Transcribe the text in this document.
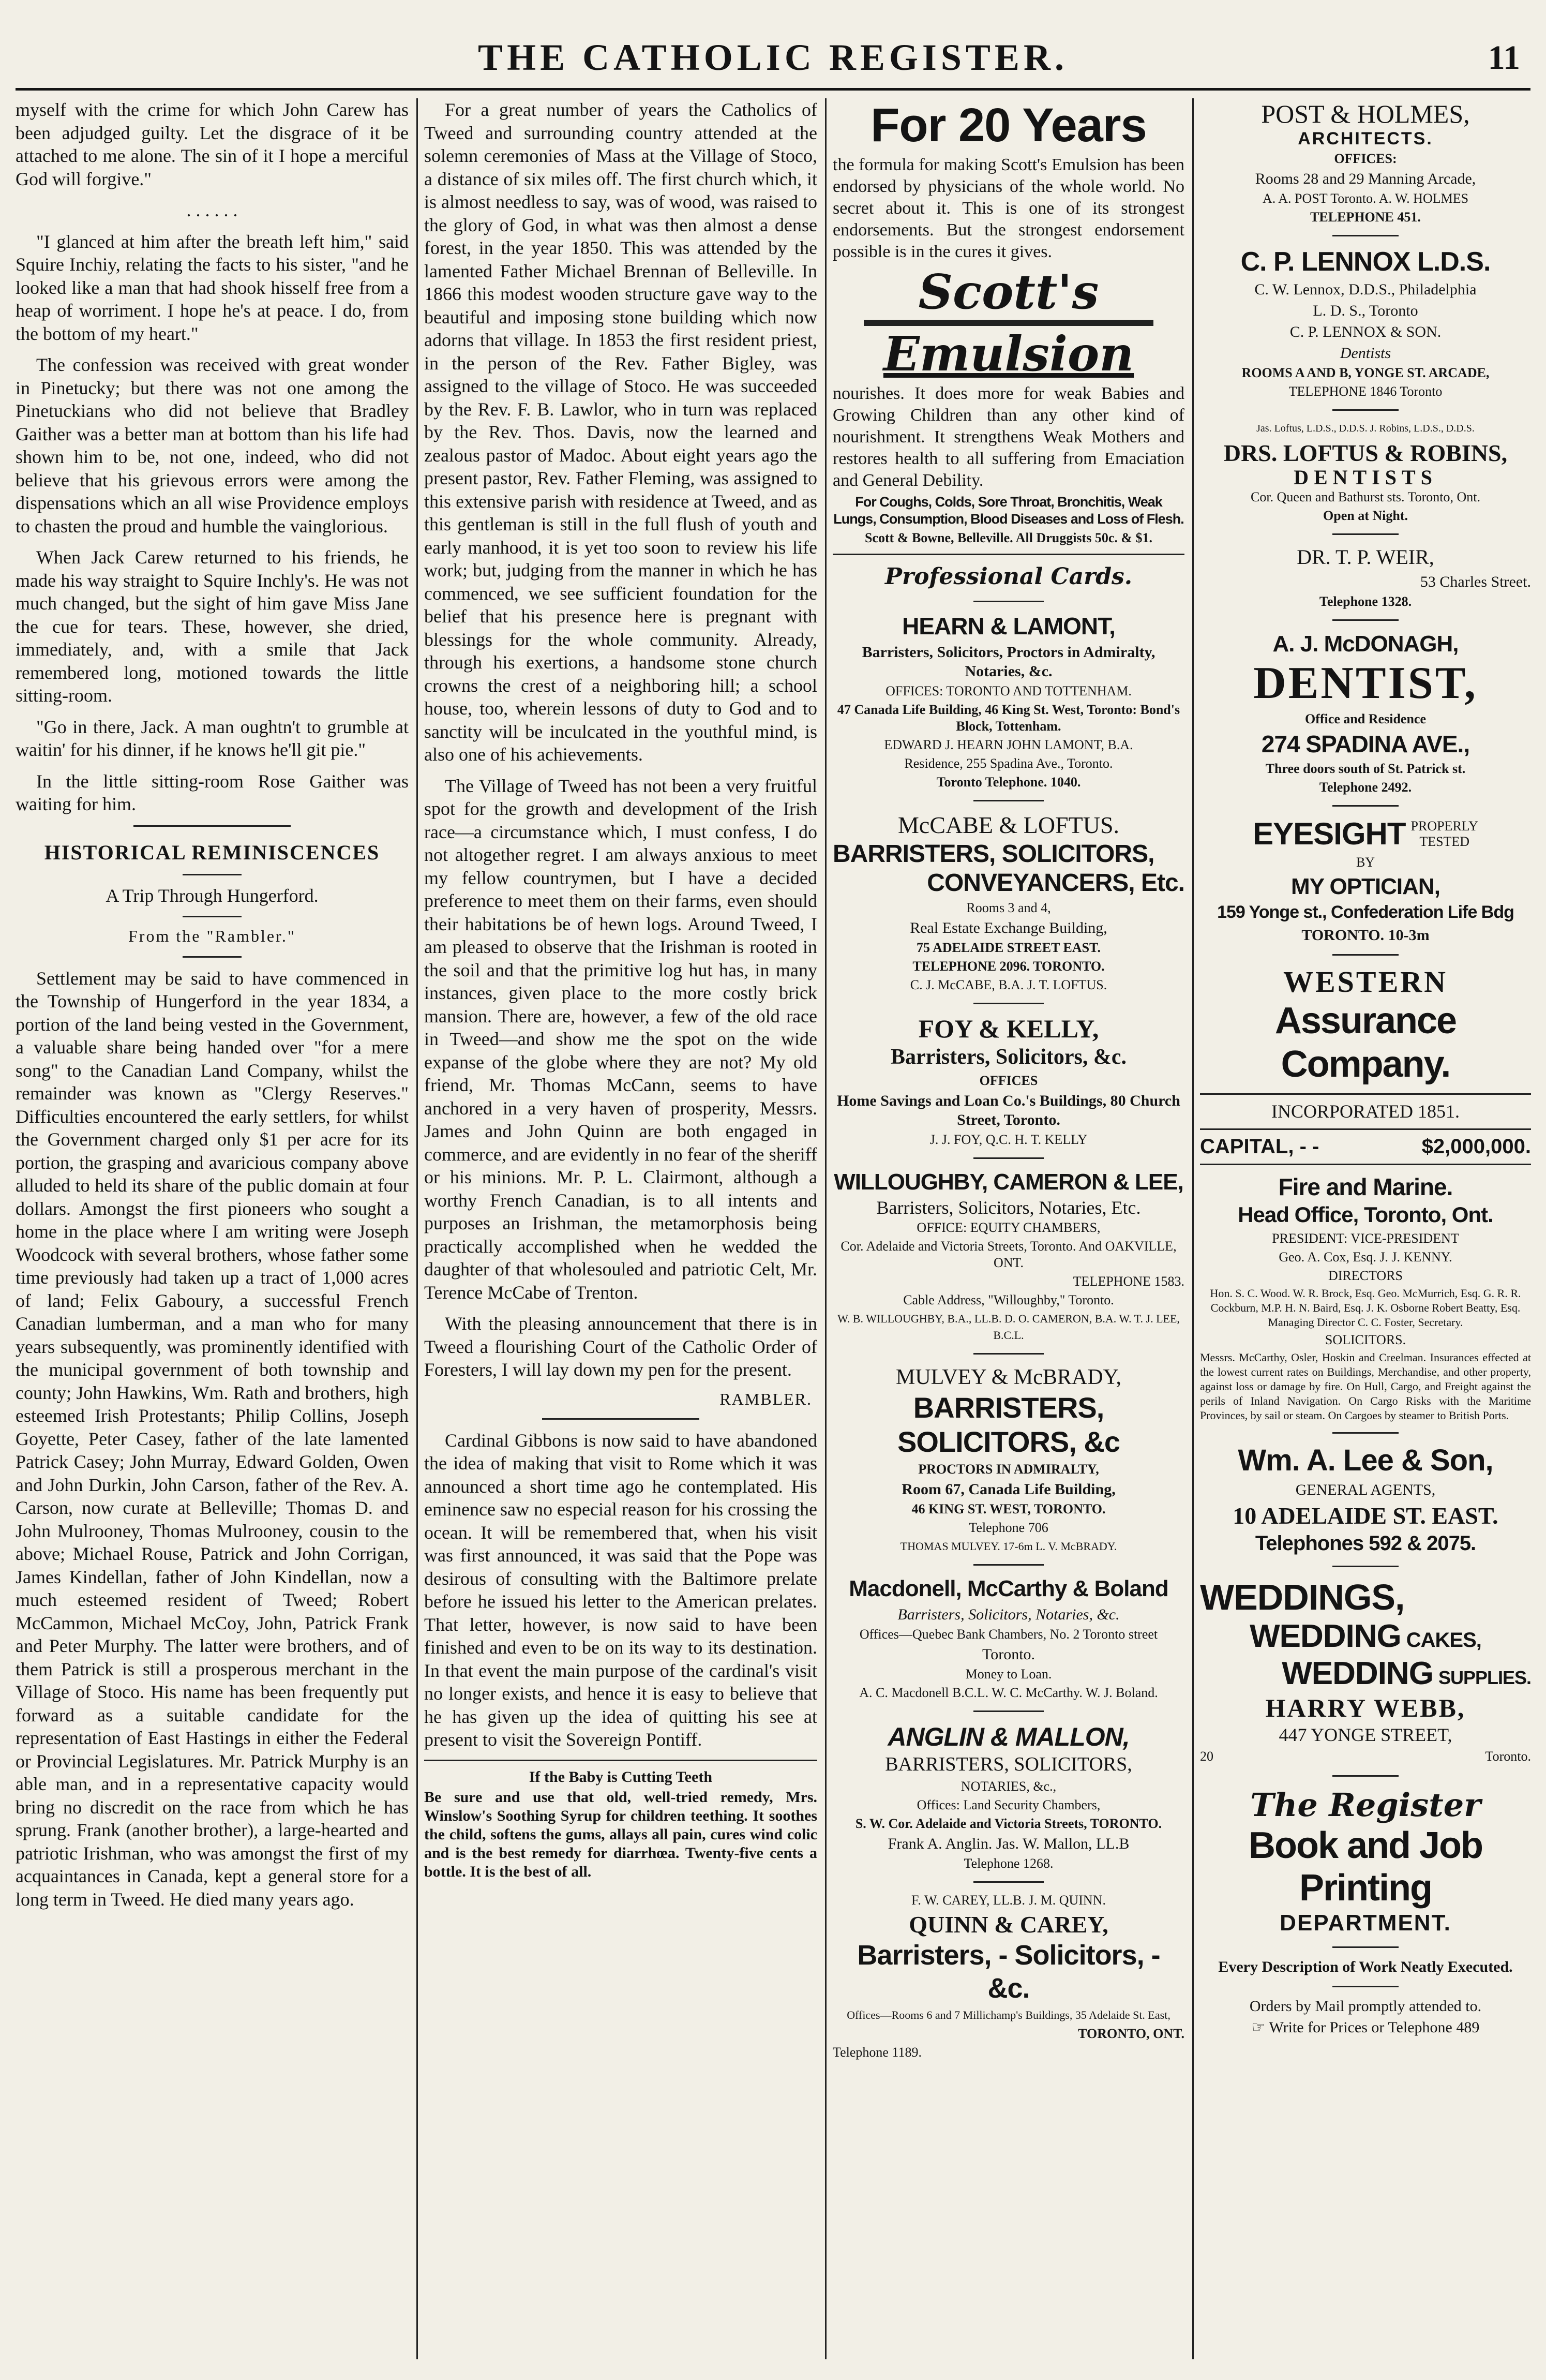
THE CATHOLIC REGISTER.	11

myself with the crime for which John Carew has been adjudged guilty. Let the disgrace of it be attached to me alone. The sin of it I hope a merciful God will forgive."

. . . . . .

"I glanced at him after the breath left him," said Squire Inchiy, relating the facts to his sister, "and he looked like a man that had shook hisself free from a heap of worriment. I hope he's at peace. I do, from the bottom of my heart."

The confession was received with great wonder in Pinetucky; but there was not one among the Pinetuckians who did not believe that Bradley Gaither was a better man at bottom than his life had shown him to be, not one, indeed, who did not believe that his grievous errors were among the dispensations which an all wise Providence employs to chasten the proud and humble the vainglorious.

When Jack Carew returned to his friends, he made his way straight to Squire Inchly's. He was not much changed, but the sight of him gave Miss Jane the cue for tears. These, however, she dried, immediately, and, with a smile that Jack remembered long, motioned towards the little sitting-room.

"Go in there, Jack. A man oughtn't to grumble at waitin' for his dinner, if he knows he'll git pie."

In the little sitting-room Rose Gaither was waiting for him.

HISTORICAL REMINISCENCES
A Trip Through Hungerford.
From the "Rambler."

Settlement may be said to have commenced in the Township of Hungerford in the year 1834, a portion of the land being vested in the Government, a valuable share being handed over "for a mere song" to the Canadian Land Company, whilst the remainder was known as "Clergy Reserves." Difficulties encountered the early settlers, for whilst the Government charged only $1 per acre for its portion, the grasping and avaricious company above alluded to held its share of the public domain at four dollars. Amongst the first pioneers who sought a home in the place where I am writing were Joseph Woodcock with several brothers, whose father some time previously had taken up a tract of 1,000 acres of land; Felix Gaboury, a successful French Canadian lumberman, and a man who for many years subsequently, was prominently identified with the municipal government of both township and county; John Hawkins, Wm. Rath and brothers, high esteemed Irish Protestants; Philip Collins, Joseph Goyette, Peter Casey, father of the late lamented Patrick Casey; John Murray, Edward Golden, Owen and John Durkin, John Carson, father of the Rev. A. Carson, now curate at Belleville; Thomas D. and John Mulrooney, Thomas Mulrooney, cousin to the above; Michael Rouse, Patrick and John Corrigan, James Kindellan, father of John Kindellan, now a much esteemed resident of Tweed; Robert McCammon, Michael McCoy, John, Patrick Frank and Peter Murphy. The latter were brothers, and of them Patrick is still a prosperous merchant in the Village of Stoco. His name has been frequently put forward as a suitable candidate for the representation of East Hastings in either the Federal or Provincial Legislatures. Mr. Patrick Murphy is an able man, and in a representative capacity would bring no discredit on the race from which he has sprung. Frank (another brother), a large-hearted and patriotic Irishman, who was amongst the first of my acquaintances in Canada, kept a general store for a long term in Tweed. He died many years ago.

For a great number of years the Catholics of Tweed and surrounding country attended at the solemn ceremonies of Mass at the Village of Stoco, a distance of six miles off. The first church which, it is almost needless to say, was of wood, was raised to the glory of God, in what was then almost a dense forest, in the year 1850. This was attended by the lamented Father Michael Brennan of Belleville. In 1866 this modest wooden structure gave way to the beautiful and imposing stone building which now adorns that village. In 1853 the first resident priest, in the person of the Rev. Father Bigley, was assigned to the village of Stoco. He was succeeded by the Rev. F. B. Lawlor, who in turn was replaced by the Rev. Thos. Davis, now the learned and zealous pastor of Madoc. About eight years ago the present pastor, Rev. Father Fleming, was assigned to this extensive parish with residence at Tweed, and as this gentleman is still in the full flush of youth and early manhood, it is yet too soon to review his life work; but, judging from the manner in which he has commenced, we see sufficient foundation for the belief that his presence here is pregnant with blessings for the whole community. Already, through his exertions, a handsome stone church crowns the crest of a neighboring hill; a school house, too, wherein lessons of duty to God and to sanctity will be inculcated in the youthful mind, is also one of his achievements.

The Village of Tweed has not been a very fruitful spot for the growth and development of the Irish race—a circumstance which, I must confess, I do not altogether regret. I am always anxious to meet my fellow countrymen, but I have a decided preference to meet them on their farms, even should their habitations be of hewn logs. Around Tweed, I am pleased to observe that the Irishman is rooted in the soil and that the primitive log hut has, in many instances, given place to the more costly brick mansion. There are, however, a few of the old race in Tweed—and show me the spot on the wide expanse of the globe where they are not? My old friend, Mr. Thomas McCann, seems to have anchored in a very haven of prosperity, Messrs. James and John Quinn are both engaged in commerce, and are evidently in no fear of the sheriff or his minions. Mr. P. L. Clairmont, although a worthy French Canadian, is to all intents and purposes an Irishman, the metamorphosis being practically accomplished when he wedded the daughter of that wholesouled and patriotic Celt, Mr. Terence McCabe of Trenton.

With the pleasing announcement that there is in Tweed a flourishing Court of the Catholic Order of Foresters, I will lay down my pen for the present.

RAMBLER.

Cardinal Gibbons is now said to have abandoned the idea of making that visit to Rome which it was announced a short time ago he contemplated. His eminence saw no especial reason for his crossing the ocean. It will be remembered that, when his visit was first announced, it was said that the Pope was desirous of consulting with the Baltimore prelate before he issued his letter to the American prelates. That letter, however, is now said to have been finished and even to be on its way to its destination. In that event the main purpose of the cardinal's visit no longer exists, and hence it is easy to believe that he has given up the idea of quitting his see at present to visit the Sovereign Pontiff.

If the Baby is Cutting Teeth

Be sure and use that old, well-tried remedy, Mrs. Winslow's Soothing Syrup for children teething. It soothes the child, softens the gums, allays all pain, cures wind colic and is the best remedy for diarrhœa. Twenty-five cents a bottle. It is the best of all.

For 20 Years

the formula for making Scott's Emulsion has been endorsed by physicians of the whole world. No secret about it. This is one of its strongest endorsements. But the strongest endorsement possible is in the cures it gives.

Scott's
Emulsion

nourishes. It does more for weak Babies and Growing Children than any other kind of nourishment. It strengthens Weak Mothers and restores health to all suffering from Emaciation and General Debility.

For Coughs, Colds, Sore Throat, Bronchitis, Weak Lungs, Consumption, Blood Diseases and Loss of Flesh.

Scott & Bowne, Belleville. All Druggists 50c. & $1.

Professional Cards.
HEARN & LAMONT,

Barristers, Solicitors, Proctors in Admiralty, Notaries, &c.

OFFICES: TORONTO AND TOTTENHAM.

47 Canada Life Building, 46 King St. West, Toronto: Bond's Block, Tottenham.

EDWARD J. HEARN JOHN LAMONT, B.A.

Residence, 255 Spadina Ave., Toronto.

Toronto Telephone. 1040.

McCABE & LOFTUS.
BARRISTERS, SOLICITORS,
CONVEYANCERS, Etc.

Rooms 3 and 4,

Real Estate Exchange Building,

75 ADELAIDE STREET EAST.

TELEPHONE 2096. TORONTO.

C. J. McCABE, B.A. J. T. LOFTUS.

FOY & KELLY,
Barristers, Solicitors, &c.

OFFICES

Home Savings and Loan Co.'s Buildings, 80 Church Street, Toronto.

J. J. FOY, Q.C. H. T. KELLY

WILLOUGHBY, CAMERON & LEE,

Barristers, Solicitors, Notaries, Etc.

OFFICE: EQUITY CHAMBERS,

Cor. Adelaide and Victoria Streets, Toronto. And OAKVILLE, ONT.

TELEPHONE 1583.

Cable Address, "Willoughby," Toronto.

W. B. WILLOUGHBY, B.A., LL.B. D. O. CAMERON, B.A. W. T. J. LEE, B.C.L.

MULVEY & McBRADY,
BARRISTERS, SOLICITORS, &c

PROCTORS IN ADMIRALTY,

Room 67, Canada Life Building,

46 KING ST. WEST, TORONTO.

Telephone 706

THOMAS MULVEY. 17-6m L. V. McBRADY.

Macdonell, McCarthy & Boland

Barristers, Solicitors, Notaries, &c.

Offices—Quebec Bank Chambers, No. 2 Toronto street

Toronto.

Money to Loan.

A. C. Macdonell B.C.L. W. C. McCarthy. W. J. Boland.

ANGLIN & MALLON,
BARRISTERS, SOLICITORS,

NOTARIES, &c.,

Offices: Land Security Chambers,

S. W. Cor. Adelaide and Victoria Streets, TORONTO.

Frank A. Anglin. Jas. W. Mallon, LL.B

Telephone 1268.

F. W. CAREY, LL.B. J. M. QUINN.

QUINN & CAREY,
Barristers, - Solicitors, - &c.

Offices—Rooms 6 and 7 Millichamp's Buildings, 35 Adelaide St. East,

TORONTO, ONT.

Telephone 1189.

POST & HOLMES,
ARCHITECTS.

OFFICES:

Rooms 28 and 29 Manning Arcade,

A. A. POST Toronto. A. W. HOLMES

TELEPHONE 451.

C. P. LENNOX L.D.S.

C. W. Lennox, D.D.S., Philadelphia

L. D. S., Toronto

C. P. LENNOX & SON.

Dentists

ROOMS A AND B, YONGE ST. ARCADE,

TELEPHONE 1846 Toronto

Jas. Loftus, L.D.S., D.D.S. J. Robins, L.D.S., D.D.S.

DRS. LOFTUS & ROBINS,
DENTISTS

Cor. Queen and Bathurst sts. Toronto, Ont.

Open at Night.

DR. T. P. WEIR,

53 Charles Street.

Telephone 1328.

A. J. McDONAGH,
DENTIST,

Office and Residence

274 SPADINA AVE.,

Three doors south of St. Patrick st.

Telephone 2492.

EYESIGHT PROPERLY
TESTED

BY

MY OPTICIAN,
159 Yonge st., Confederation Life Bdg

TORONTO. 10-3m

WESTERN
Assurance Company.

INCORPORATED 1851.

CAPITAL, - -	$2,000,000.
Fire and Marine.
Head Office, Toronto, Ont.

PRESIDENT: VICE-PRESIDENT

Geo. A. Cox, Esq. J. J. KENNY.

DIRECTORS

Hon. S. C. Wood. W. R. Brock, Esq. Geo. McMurrich, Esq. G. R. R. Cockburn, M.P. H. N. Baird, Esq. J. K. Osborne Robert Beatty, Esq. Managing Director C. C. Foster, Secretary.

SOLICITORS.

Messrs. McCarthy, Osler, Hoskin and Creelman. Insurances effected at the lowest current rates on Buildings, Merchandise, and other property, against loss or damage by fire. On Hull, Cargo, and Freight against the perils of Inland Navigation. On Cargo Risks with the Maritime Provinces, by sail or steam. On Cargoes by steamer to British Ports.

Wm. A. Lee & Son,

GENERAL AGENTS,

10 ADELAIDE ST. EAST.
Telephones 592 & 2075.
WEDDINGS,
WEDDING CAKES,
WEDDING SUPPLIES.
HARRY WEBB,

447 YONGE STREET,

20	Toronto.
The Register
Book and Job Printing
DEPARTMENT.

Every Description of Work Neatly Executed.

Orders by Mail promptly attended to.

☞ Write for Prices or Telephone 489
